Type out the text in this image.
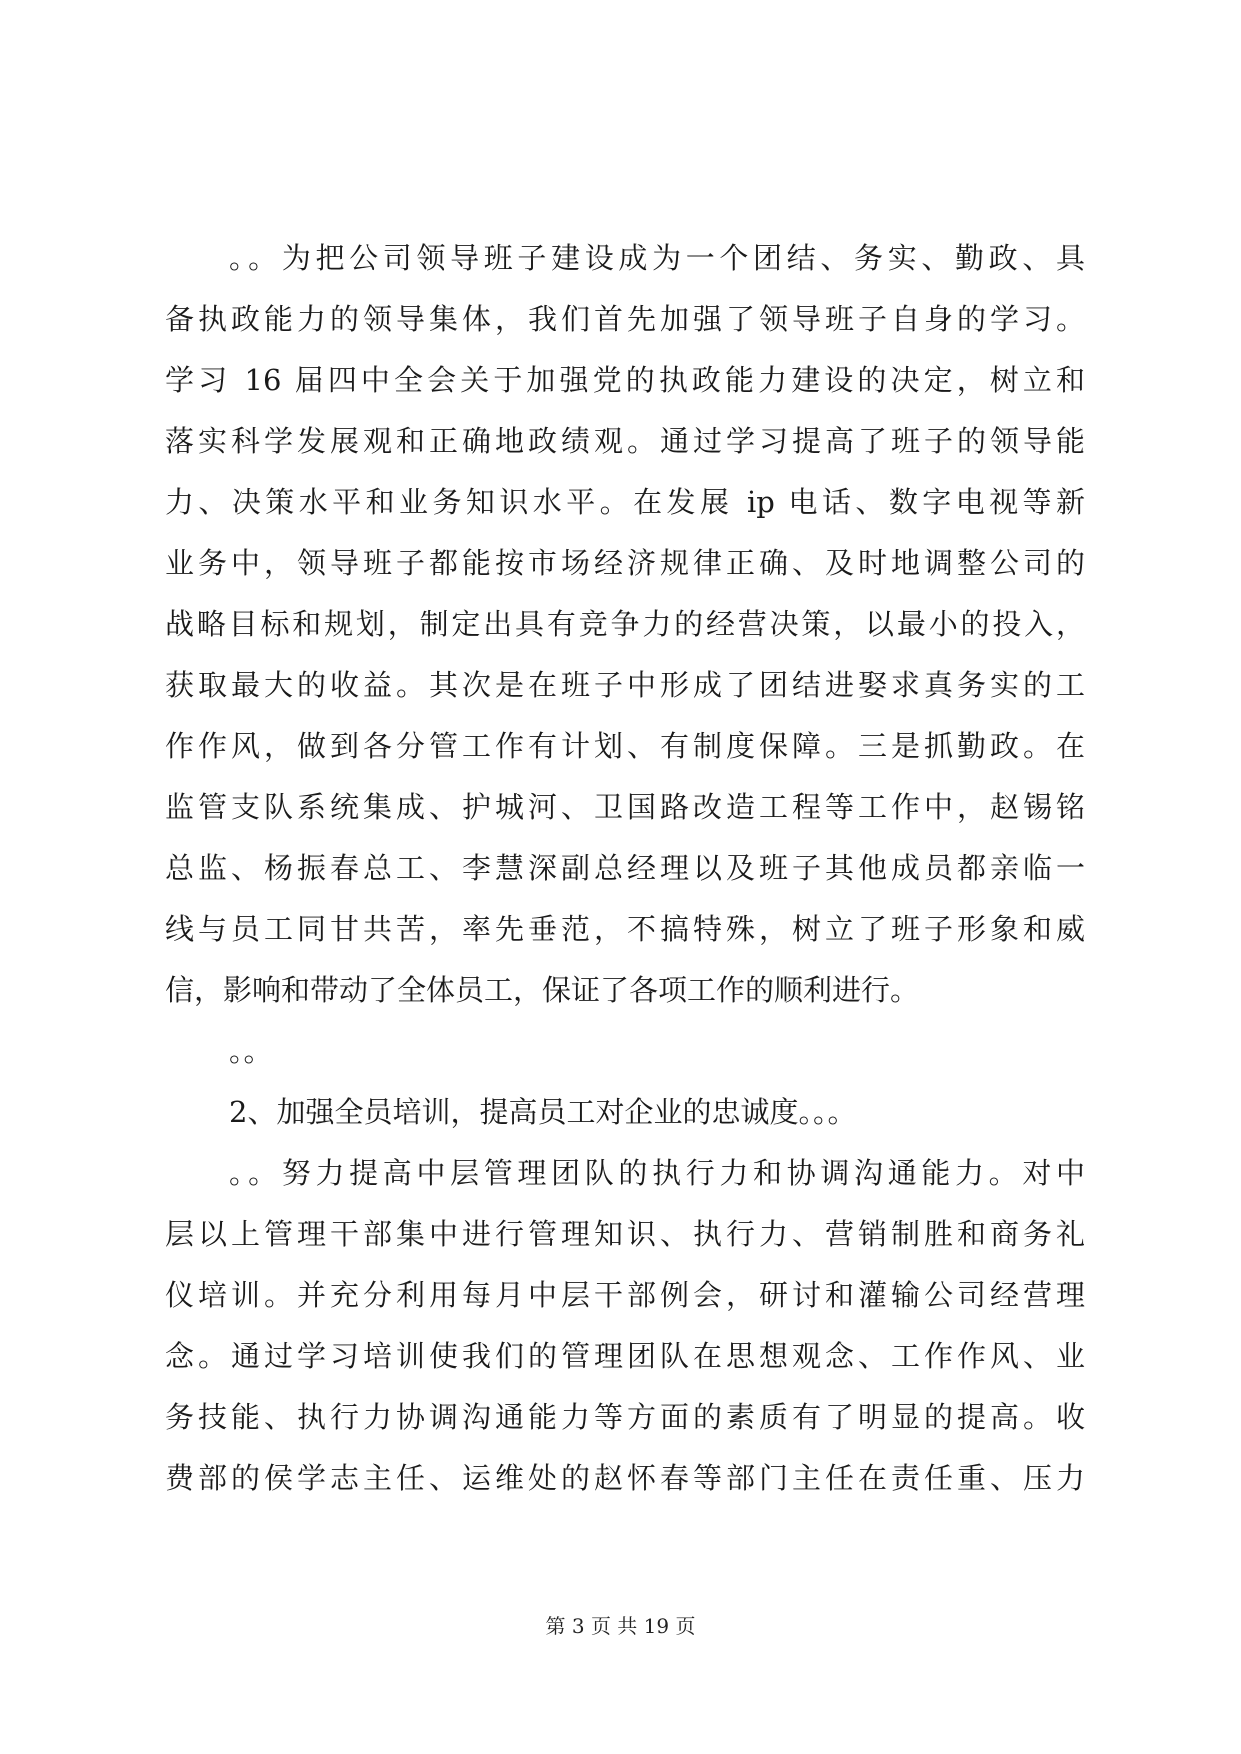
。。为把公司领导班子建设成为一个团结、务实、勤政、具
备执政能力的领导集体，我们首先加强了领导班子自身的学习。
学习 16 届四中全会关于加强党的执政能力建设的决定，树立和
落实科学发展观和正确地政绩观。通过学习提高了班子的领导能
力、决策水平和业务知识水平。在发展 ip 电话、数字电视等新
业务中，领导班子都能按市场经济规律正确、及时地调整公司的
战略目标和规划，制定出具有竞争力的经营决策，以最小的投入，
获取最大的收益。其次是在班子中形成了团结进娶求真务实的工
作作风，做到各分管工作有计划、有制度保障。三是抓勤政。在
监管支队系统集成、护城河、卫国路改造工程等工作中，赵锡铭
总监、杨振春总工、李慧深副总经理以及班子其他成员都亲临一
线与员工同甘共苦，率先垂范，不搞特殊，树立了班子形象和威
信，影响和带动了全体员工，保证了各项工作的顺利进行。
。。
2、加强全员培训，提高员工对企业的忠诚度。。。
。。努力提高中层管理团队的执行力和协调沟通能力。对中
层以上管理干部集中进行管理知识、执行力、营销制胜和商务礼
仪培训。并充分利用每月中层干部例会，研讨和灌输公司经营理
念。通过学习培训使我们的管理团队在思想观念、工作作风、业
务技能、执行力协调沟通能力等方面的素质有了明显的提高。收
费部的侯学志主任、运维处的赵怀春等部门主任在责任重、压力
第 3 页 共 19 页
